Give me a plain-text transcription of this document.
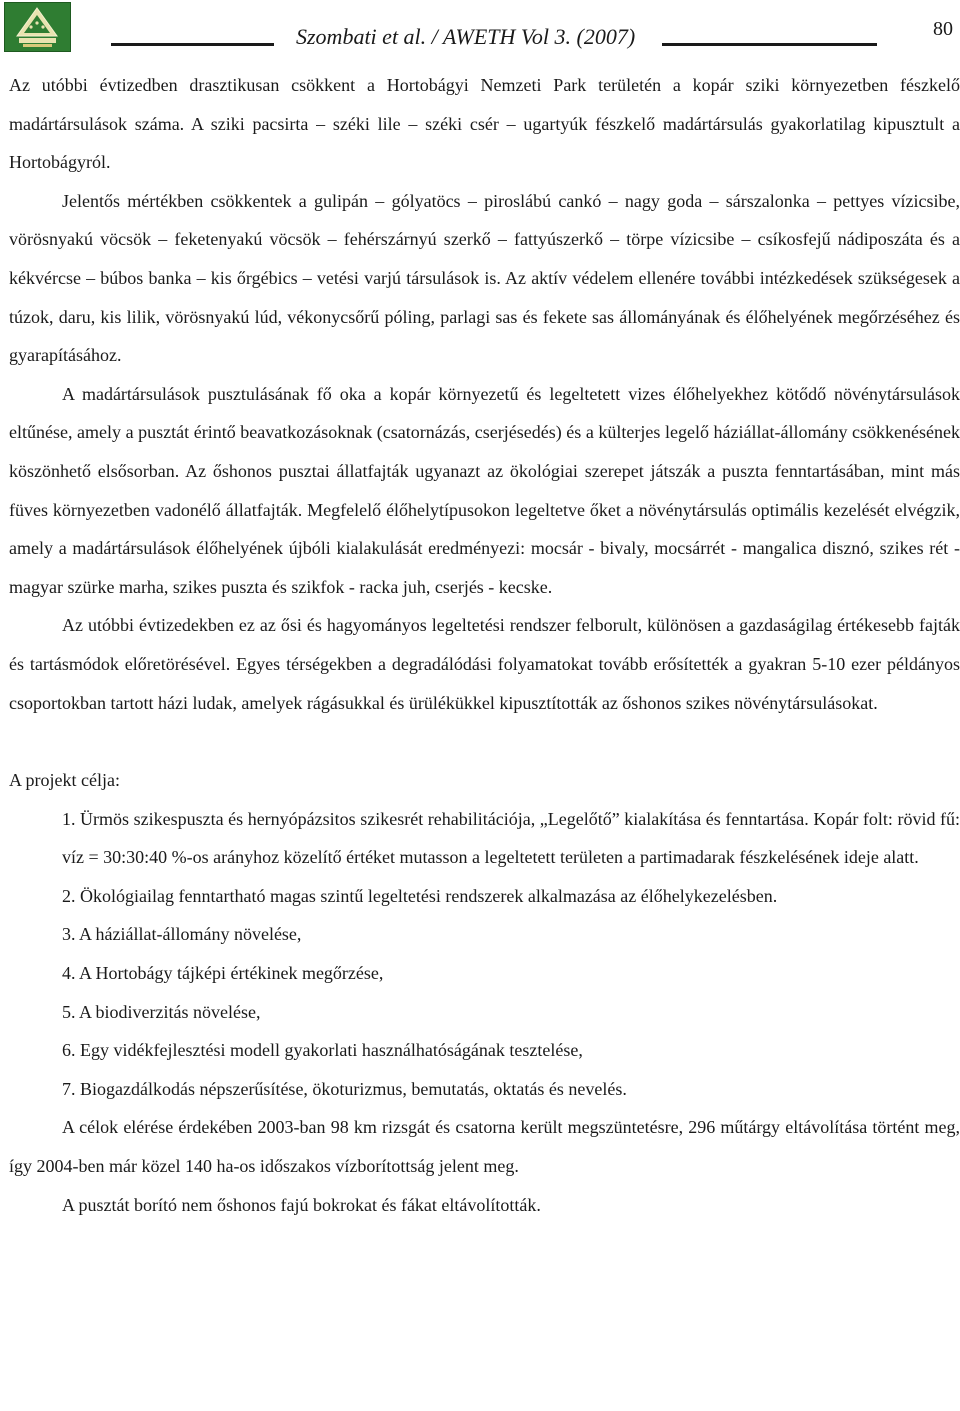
Szombati et al. / AWETH Vol 3. (2007)	80

Az utóbbi évtizedben drasztikusan csökkent a Hortobágyi Nemzeti Park területén a kopár sziki környezetben fészkelő madártársulások száma. A sziki pacsirta – széki lile – széki csér – ugartyúk fészkelő madártársulás gyakorlatilag kipusztult a Hortobágyról.

Jelentős mértékben csökkentek a gulipán – gólyatöcs – piroslábú cankó – nagy goda – sárszalonka – pettyes vízicsibe, vörösnyakú vöcsök – feketenyakú vöcsök – fehérszárnyú szerkő – fattyúszerkő – törpe vízicsibe – csíkosfejű nádiposzáta és a kékvércse – búbos banka – kis őrgébics – vetési varjú társulások is. Az aktív védelem ellenére további intézkedések szükségesek a túzok, daru, kis lilik, vörösnyakú lúd, vékonycsőrű póling, parlagi sas és fekete sas állományának és élőhelyének megőrzéséhez és gyarapításához.

A madártársulások pusztulásának fő oka a kopár környezetű és legeltetett vizes élőhelyekhez kötődő növénytársulások eltűnése, amely a pusztát érintő beavatkozásoknak (csatornázás, cserjésedés) és a külterjes legelő háziállat-állomány csökkenésének köszönhető elsősorban. Az őshonos pusztai állatfajták ugyanazt az ökológiai szerepet játszák a puszta fenntartásában, mint más füves környezetben vadonélő állatfajták. Megfelelő élőhelytípusokon legeltetve őket a növénytársulás optimális kezelését elvégzik, amely a madártársulások élőhelyének újbóli kialakulását eredményezi: mocsár - bivaly, mocsárrét - mangalica disznó, szikes rét - magyar szürke marha, szikes puszta és szikfok - racka juh, cserjés - kecske.

Az utóbbi évtizedekben ez az ősi és hagyományos legeltetési rendszer felborult, különösen a gazdaságilag értékesebb fajták és tartásmódok előretörésével. Egyes térségekben a degradálódási folyamatokat tovább erősítették a gyakran 5-10 ezer példányos csoportokban tartott házi ludak, amelyek rágásukkal és ürülékükkel kipusztították az őshonos szikes növénytársulásokat.

A projekt célja:

1. Ürmös szikespuszta és hernyópázsitos szikesrét rehabilitációja, „Legelőtő” kialakítása és fenntartása. Kopár folt: rövid fű: víz = 30:30:40 %-os arányhoz közelítő értéket mutasson a legeltetett területen a partimadarak fészkelésének ideje alatt.
2. Ökológiailag fenntartható magas szintű legeltetési rendszerek alkalmazása az élőhelykezelésben.
3. A háziállat-állomány növelése,
4. A Hortobágy tájképi értékinek megőrzése,
5. A biodiverzitás növelése,
6. Egy vidékfejlesztési modell gyakorlati használhatóságának tesztelése,
7. Biogazdálkodás népszerűsítése, ökoturizmus, bemutatás, oktatás és nevelés.

A célok elérése érdekében 2003-ban 98 km rizsgát és csatorna került megszüntetésre, 296 műtárgy eltávolítása történt meg, így 2004-ben már közel 140 ha-os időszakos vízborítottság jelent meg.

A pusztát borító nem őshonos fajú bokrokat és fákat eltávolították.
